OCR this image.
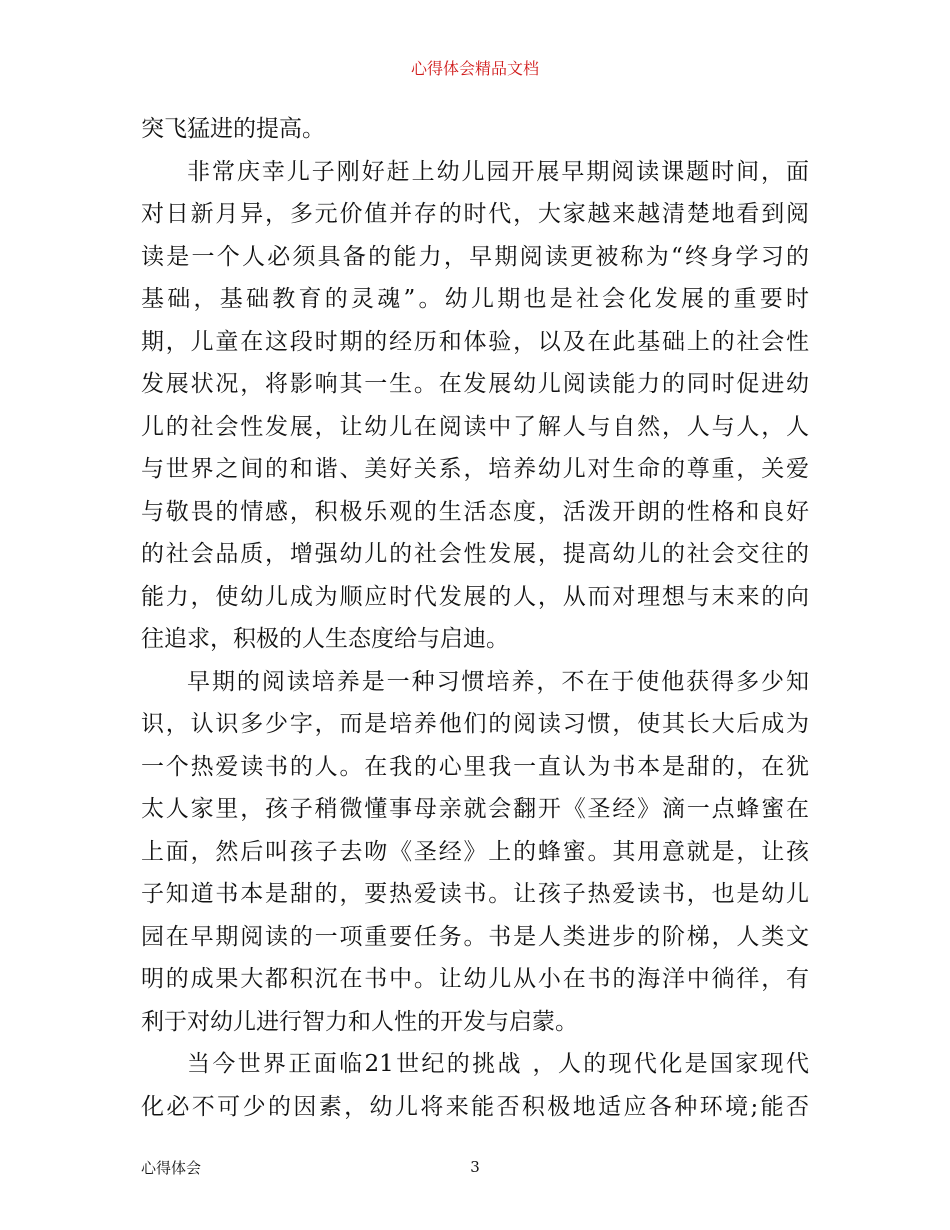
心得体会精品文档
突飞猛进的提高。
非常庆幸儿子刚好赶上幼儿园开展早期阅读课题时间，面
对日新月异，多元价值并存的时代，大家越来越清楚地看到阅
读是一个人必须具备的能力，早期阅读更被称为“终身学习的
基础，基础教育的灵魂”。幼儿期也是社会化发展的重要时
期，儿童在这段时期的经历和体验，以及在此基础上的社会性
发展状况，将影响其一生。在发展幼儿阅读能力的同时促进幼
儿的社会性发展，让幼儿在阅读中了解人与自然，人与人，人
与世界之间的和谐、美好关系，培养幼儿对生命的尊重，关爱
与敬畏的情感，积极乐观的生活态度，活泼开朗的性格和良好
的社会品质，增强幼儿的社会性发展，提高幼儿的社会交往的
能力，使幼儿成为顺应时代发展的人，从而对理想与末来的向
往追求，积极的人生态度给与启迪。
早期的阅读培养是一种习惯培养，不在于使他获得多少知
识，认识多少字，而是培养他们的阅读习惯，使其长大后成为
一个热爱读书的人。在我的心里我一直认为书本是甜的，在犹
太人家里，孩子稍微懂事母亲就会翻开《圣经》滴一点蜂蜜在
上面，然后叫孩子去吻《圣经》上的蜂蜜。其用意就是，让孩
子知道书本是甜的，要热爱读书。让孩子热爱读书，也是幼儿
园在早期阅读的一项重要任务。书是人类进步的阶梯，人类文
明的成果大都积沉在书中。让幼儿从小在书的海洋中徜徉，有
利于对幼儿进行智力和人性的开发与启蒙。
当今世界正面临21世纪的挑战 ，人的现代化是国家现代
化必不可少的因素，幼儿将来能否积极地适应各种环境;能否
心得体会	3
